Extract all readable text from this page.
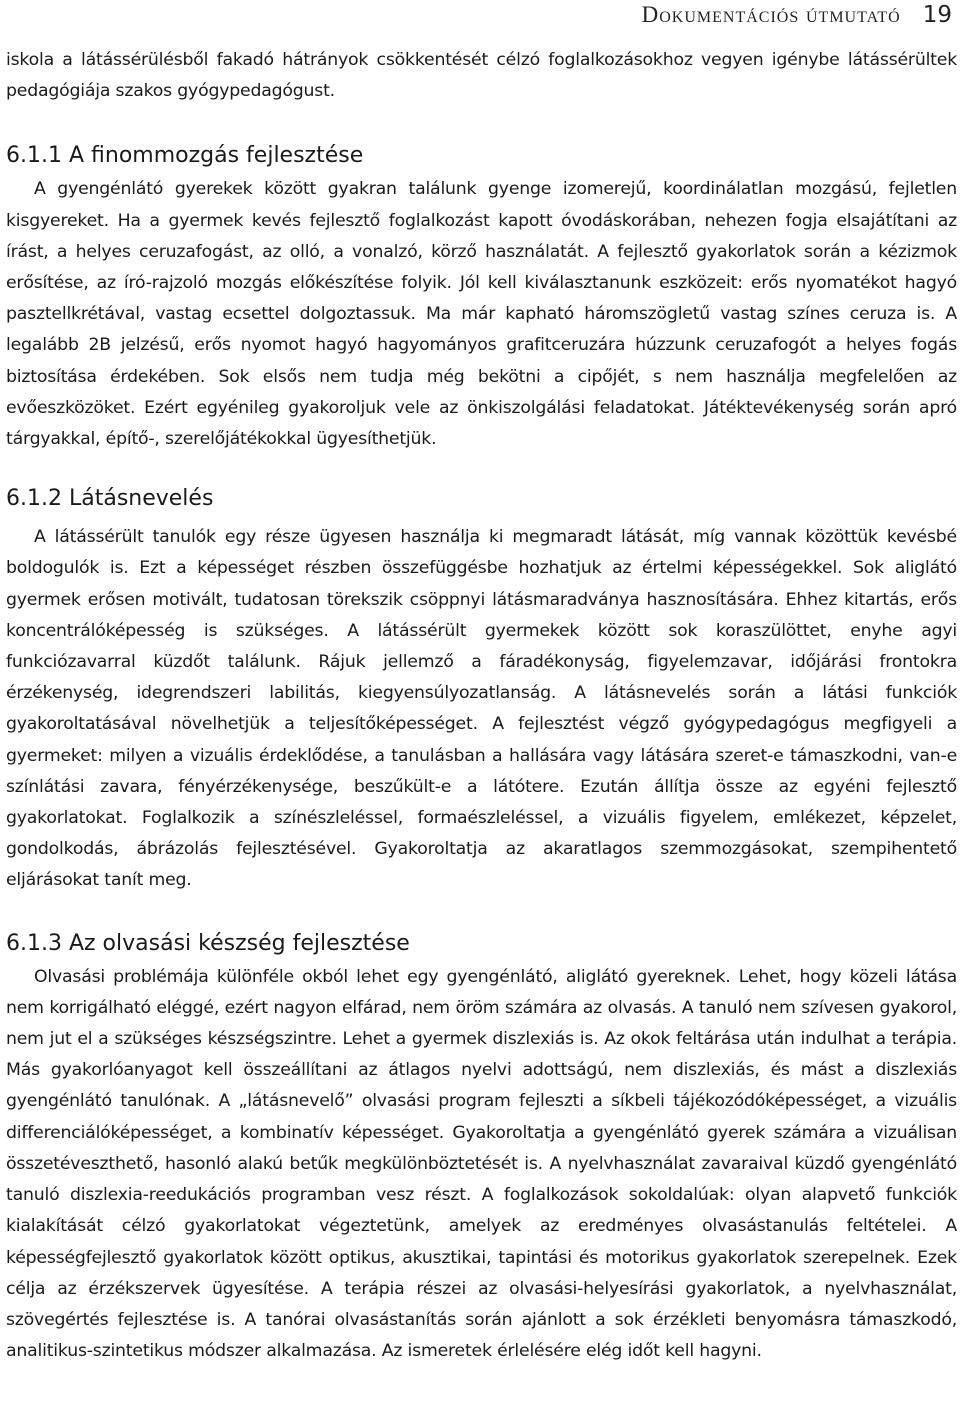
Dokumentációs útmutató 19

iskola a látássérülésből fakadó hátrányok csökkentését célzó foglalkozásokhoz vegyen igénybe látássérültek pedagógiája szakos gyógypedagógust.

6.1.1 A finommozgás fejlesztése

A gyengénlátó gyerekek között gyakran találunk gyenge izomerejű, koordinálatlan mozgású, fejletlen kisgyereket. Ha a gyermek kevés fejlesztő foglalkozást kapott óvodáskorában, nehezen fogja elsajátítani az írást, a helyes ceruzafogást, az olló, a vonalzó, körző használatát. A fejlesztő gyakorlatok során a kézizmok erősítése, az író-rajzoló mozgás előkészítése folyik. Jól kell kiválasztanunk eszközeit: erős nyomatékot hagyó pasztellkrétával, vastag ecsettel dolgoztassuk. Ma már kapható háromszögletű vastag színes ceruza is. A legalább 2B jelzésű, erős nyomot hagyó hagyományos grafitceruzára húzzunk ceruzafogót a helyes fogás biztosítása érdekében. Sok elsős nem tudja még bekötni a cipőjét, s nem használja megfelelően az evőeszközöket. Ezért egyénileg gyakoroljuk vele az önkiszolgálási feladatokat. Játéktevékenység során apró tárgyakkal, építő-, szerelőjátékokkal ügyesíthetjük.

6.1.2 Látásnevelés

A látássérült tanulók egy része ügyesen használja ki megmaradt látását, míg vannak közöttük kevésbé boldogulók is. Ezt a képességet részben összefüggésbe hozhatjuk az értelmi képességekkel. Sok aliglátó gyermek erősen motivált, tudatosan törekszik csöppnyi látásmaradványa hasznosítására. Ehhez kitartás, erős koncentrálóképesség is szükséges. A látássérült gyermekek között sok koraszülöttet, enyhe agyi funkciózavarral küzdőt találunk. Rájuk jellemző a fáradékonyság, figyelemzavar, időjárási frontokra érzékenység, idegrendszeri labilitás, kiegyensúlyozatlanság. A látásnevelés során a látási funkciók gyakoroltatásával növelhetjük a teljesítőképességet. A fejlesztést végző gyógypedagógus megfigyeli a gyermeket: milyen a vizuális érdeklődése, a tanulásban a hallására vagy látására szeret-e támaszkodni, van-e színlátási zavara, fényérzékenysége, beszűkült-e a látótere. Ezután állítja össze az egyéni fejlesztő gyakorlatokat. Foglalkozik a színészleléssel, formaészleléssel, a vizuális figyelem, emlékezet, képzelet, gondolkodás, ábrázolás fejlesztésével. Gyakoroltatja az akaratlagos szemmozgásokat, szempihentető eljárásokat tanít meg.

6.1.3 Az olvasási készség fejlesztése

Olvasási problémája különféle okból lehet egy gyengénlátó, aliglátó gyereknek. Lehet, hogy közeli látása nem korrigálható eléggé, ezért nagyon elfárad, nem öröm számára az olvasás. A tanuló nem szívesen gyakorol, nem jut el a szükséges készségszintre. Lehet a gyermek diszlexiás is. Az okok feltárása után indulhat a terápia. Más gyakorlóanyagot kell összeállítani az átlagos nyelvi adottságú, nem diszlexiás, és mást a diszlexiás gyengénlátó tanulónak. A „látásnevelő” olvasási program fejleszti a síkbeli tájékozódóképességet, a vizuális differenciálóképességet, a kombinatív képességet. Gyakoroltatja a gyengénlátó gyerek számára a vizuálisan összetéveszthető, hasonló alakú betűk megkülönböztetését is. A nyelvhasználat zavaraival küzdő gyengénlátó tanuló diszlexia-reedukációs programban vesz részt. A foglalkozások sokoldalúak: olyan alapvető funkciók kialakítását célzó gyakorlatokat végeztetünk, amelyek az eredményes olvasástanulás feltételei. A képességfejlesztő gyakorlatok között optikus, akusztikai, tapintási és motorikus gyakorlatok szerepelnek. Ezek célja az érzékszervek ügyesítése. A terápia részei az olvasási-helyesírási gyakorlatok, a nyelvhasználat, szövegértés fejlesztése is. A tanórai olvasástanítás során ajánlott a sok érzékleti benyomásra támaszkodó, analitikus-szintetikus módszer alkalmazása. Az ismeretek érlelésére elég időt kell hagyni.
